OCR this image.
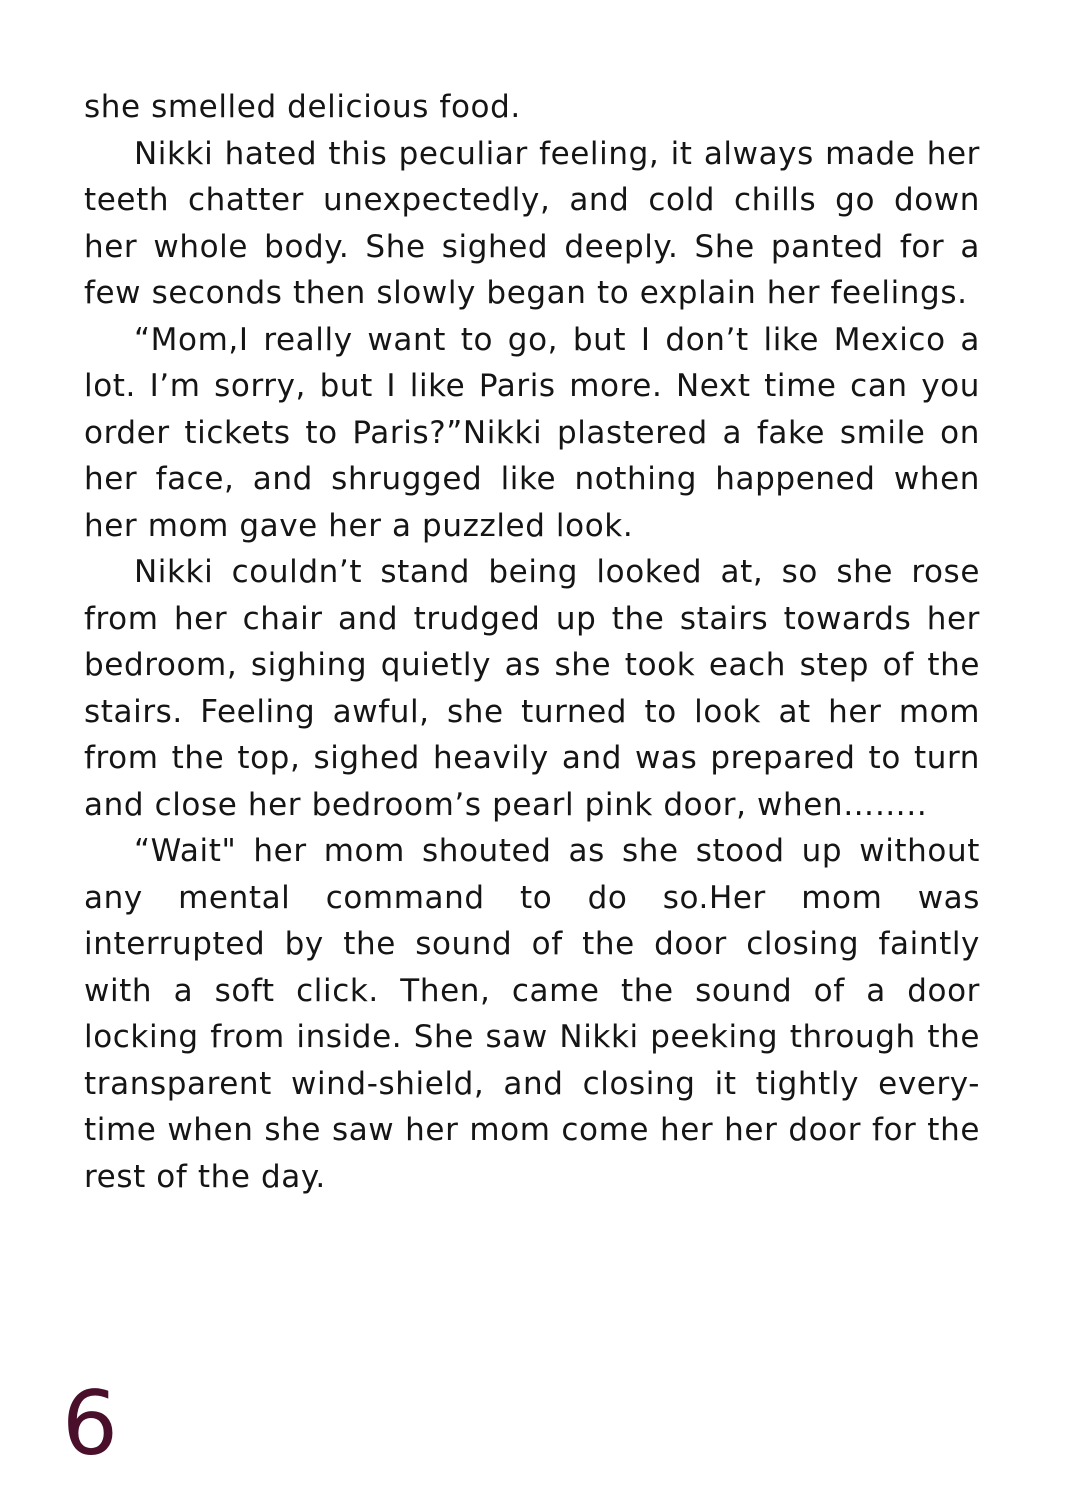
she smelled delicious food.

Nikki hated this peculiar feeling, it always made her teeth chatter unexpectedly, and cold chills go down her whole body. She sighed deeply. She panted for a few seconds then slowly began to explain her feelings.

“Mom,I really want to go, but I don’t like Mexico a lot. I’m sorry, but I like Paris more. Next time can you order tickets to Paris?”Nikki plastered a fake smile on her face, and shrugged like nothing happened when her mom gave her a puzzled look.

Nikki couldn’t stand being looked at, so she rose from her chair and trudged up the stairs towards her bedroom, sighing quietly as she took each step of the stairs. Feeling awful, she turned to look at her mom from the top, sighed heavily and was prepared to turn and close her bedroom’s pearl pink door, when……..

“Wait" her mom shouted as she stood up without any mental command to do so.Her mom was interrupted by the sound of the door closing faintly with a soft click. Then, came the sound of a door locking from inside. She saw Nikki peeking through the transparent wind-shield, and closing it tightly every-time when she saw her mom come her her door for the rest of the day.

6
